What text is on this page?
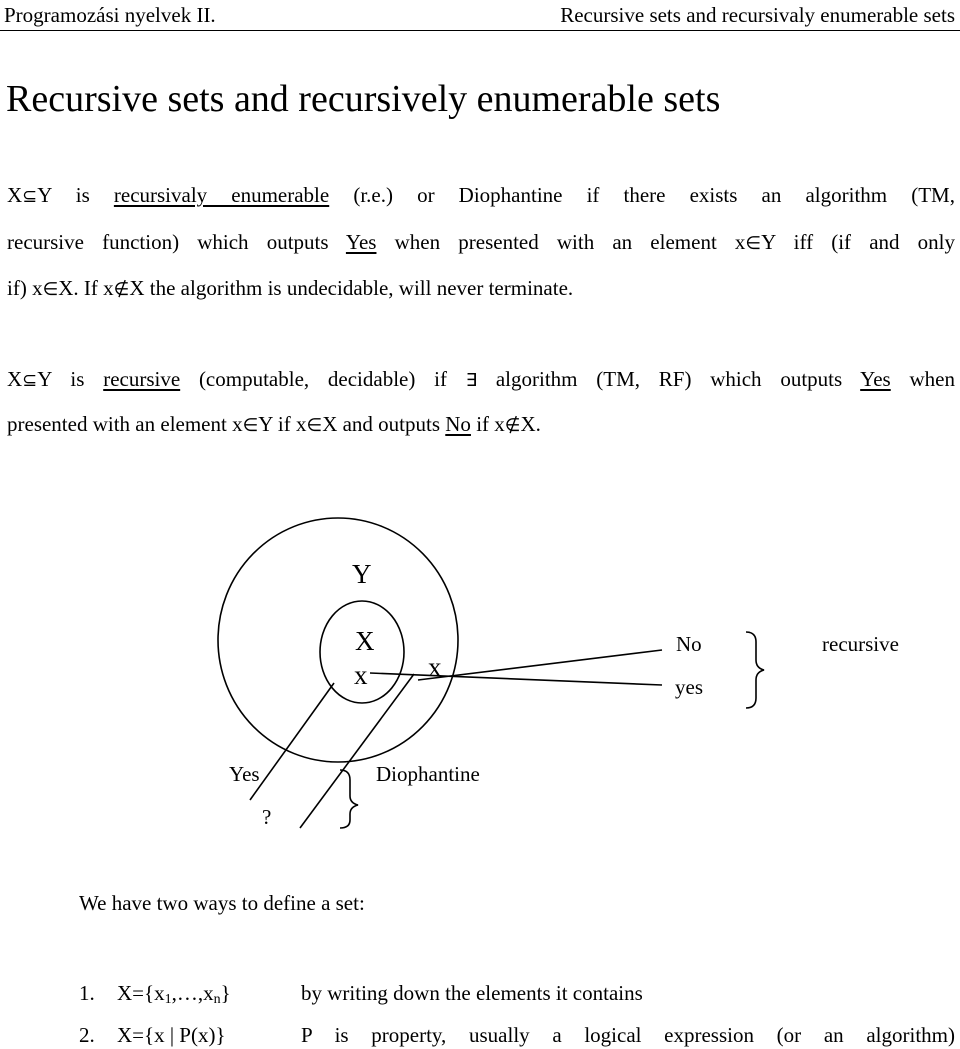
Programozási nyelvek II.	Recursive sets and recursivaly enumerable sets
Recursive sets and recursively enumerable sets
X⊆Y is recursivaly enumerable (r.e.) or Diophantine if there exists an algorithm (TM,
recursive function) which outputs Yes when presented with an element x∈Y iff (if and only
if) x∈X. If x∉X the algorithm is undecidable, will never terminate.
X⊆Y is recursive (computable, decidable) if ∃ algorithm (TM, RF) which outputs Yes when
presented with an element x∈Y if x∈X and outputs No if x∉X.
Y
X
x x
No
yes
recursive
Yes
?
Diophantine
We have two ways to define a set:
1. $X=\{x_1,\dots,x_n\}$	by writing down the elements it contains
2. X={x | P(x)}	P is property, usually a logical expression (or an algorithm)
